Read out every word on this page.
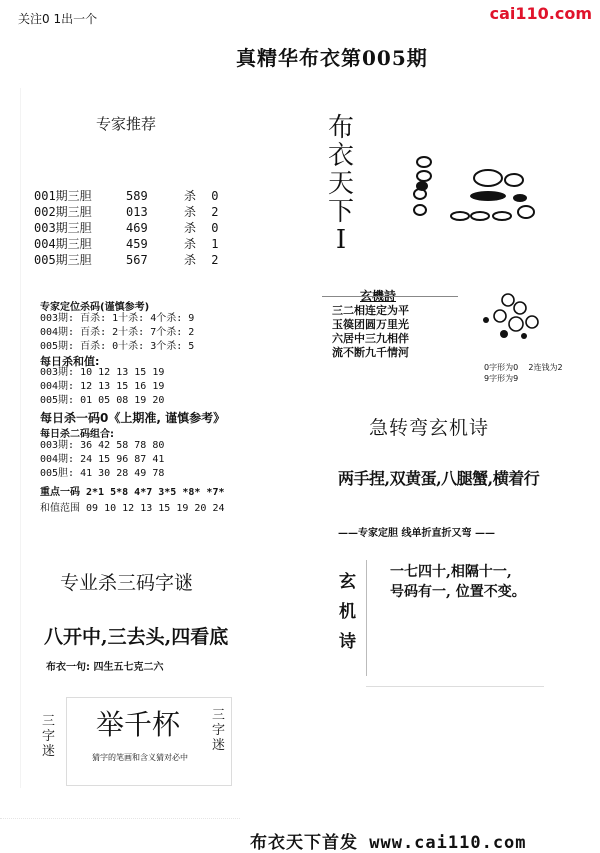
关注0 1出一个	cai110.com
真精华布衣第005期
专家推荐
001期三胆	589	杀 0
002期三胆	013	杀 2
003期三胆	469	杀 0
004期三胆	459	杀 1
005期三胆	567	杀 2
专家定位杀码(谨慎参考)
003期: 百杀: 1十杀: 4个杀: 9
004期: 百杀: 2十杀: 7个杀: 2
005期: 百杀: 0十杀: 3个杀: 5
每日杀和值:
003期: 10 12 13 15 19
004期: 12 13 15 16 19
005期: 01 05 08 19 20
每日杀一码0《上期准, 谨慎参考》
每日杀二码组合:
003期: 36 42 58 78 80
004期: 24 15 96 87 41
005胆: 41 30 28 49 78
重点一码 2*1 5*8 4*7 3*5 *8* *7*
和值范围 09 10 12 13 15 19 20 24
专业杀三码字谜
八开中,三去头,四看底
布衣一句: 四生五七克二六
三字迷
三字迷
举千杯
猜字的笔画和含义猜对必中
布衣天下I
玄機詩
三二相连定为平
玉篌团圆万里光
六居中三九相伴
流不断九千情河
0字形为0 2连钱为2
9字形为9
急转弯玄机诗
两手捏,双黄蛋,八腿蟹,横着行
——专家定胆 线单折直折又弯 ——
玄机诗
一七四十,相隔十一,
号码有一, 位置不变。
布衣天下首发 www.cai110.com
